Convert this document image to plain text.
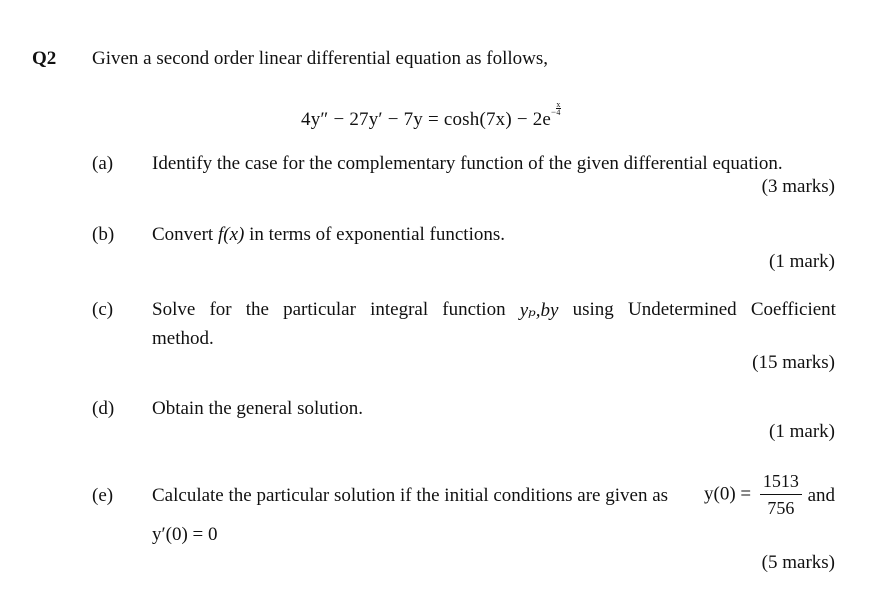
Q2 Given a second order linear differential equation as follows,
$4y'' - 27y' - 7y = \cosh(7x) - 2e^- \frac{x}{4}$
(a) Identify the case for the complementary function of the given differential equation.
(3 marks)
(b) Convert f(x) in terms of exponential functions.
(1 mark)
(c) Solve for the particular integral function yₚ,by using Undetermined Coefficient
method.
(15 marks)
(d) Obtain the general solution.
(1 mark)
(e) Calculate the particular solution if the initial conditions are given as $y(0) = \frac{1513}{756}$ and
y′(0) = 0
(5 marks)
